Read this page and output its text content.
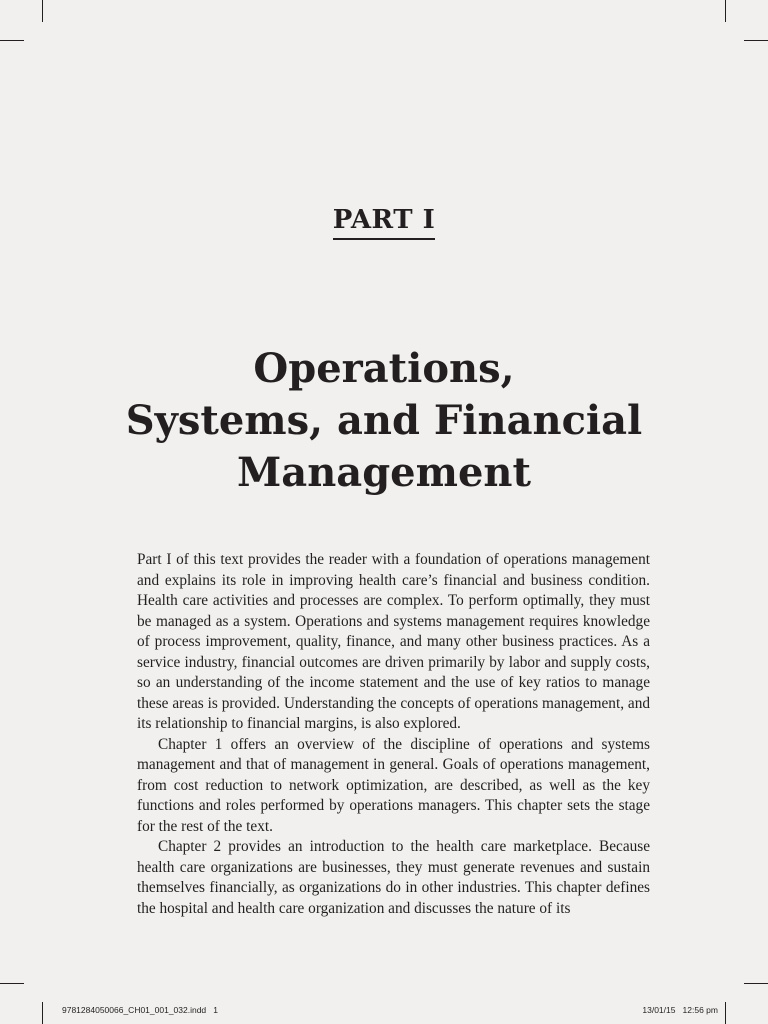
PART I
Operations,
Systems, and Financial
Management

Part I of this text provides the reader with a foundation of operations management and explains its role in improving health care’s financial and business condition. Health care activities and processes are complex. To perform optimally, they must be managed as a system. Operations and systems management requires knowledge of process improvement, quality, finance, and many other business practices. As a service industry, financial outcomes are driven primarily by labor and supply costs, so an understanding of the income statement and the use of key ratios to manage these areas is provided. Understanding the concepts of operations management, and its relationship to financial margins, is also explored.

Chapter 1 offers an overview of the discipline of operations and systems management and that of management in general. Goals of operations management, from cost reduction to network optimization, are described, as well as the key functions and roles performed by operations managers. This chapter sets the stage for the rest of the text.

Chapter 2 provides an introduction to the health care marketplace. Because health care organizations are businesses, they must generate revenues and sustain themselves financially, as organizations do in other industries. This chapter defines the hospital and health care organization and discusses the nature of its

9781284050066_CH01_001_032.indd   1	13/01/15   12:56 pm
